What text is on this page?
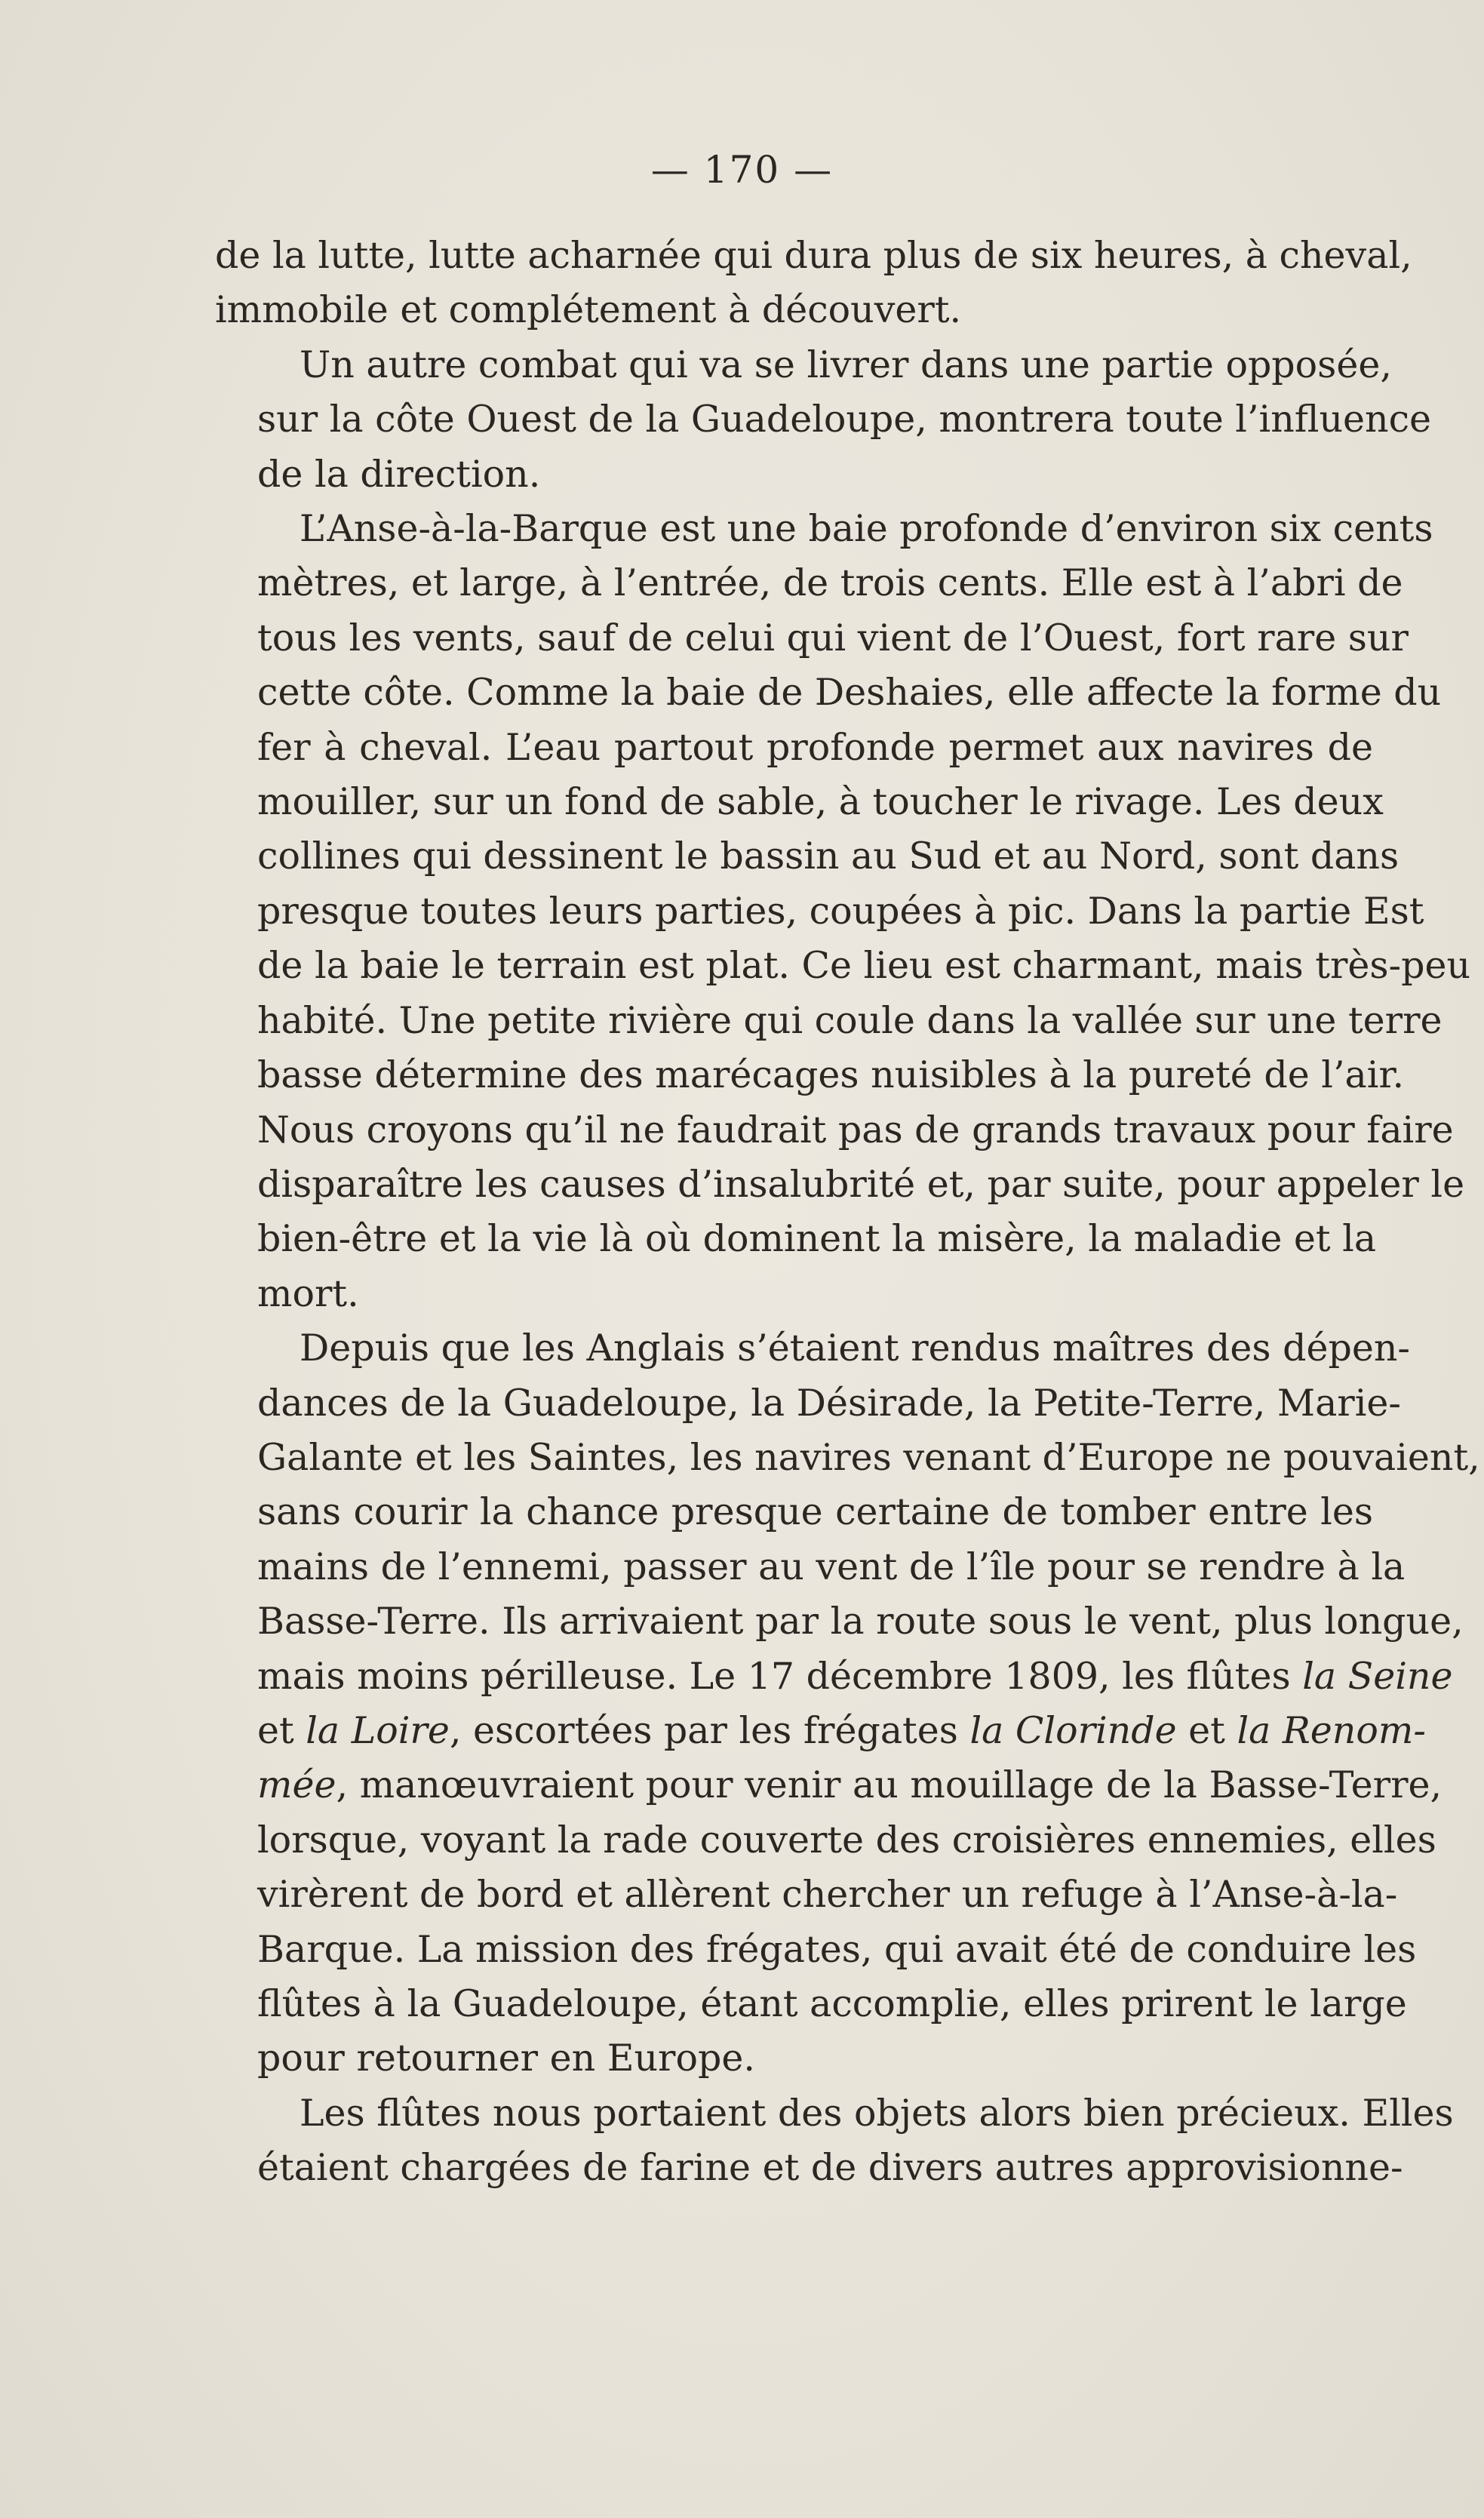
— 170 —
de la lutte, lutte acharnée qui dura plus de six heures, à cheval,
immobile et complétement à découvert.
Un autre combat qui va se livrer dans une partie opposée,
sur la côte Ouest de la Guadeloupe, montrera toute l’influence
de la direction.
L’Anse-à-la-Barque est une baie profonde d’environ six cents
mètres, et large, à l’entrée, de trois cents. Elle est à l’abri de
tous les vents, sauf de celui qui vient de l’Ouest, fort rare sur
cette côte. Comme la baie de Deshaies, elle affecte la forme du
fer à cheval. L’eau partout profonde permet aux navires de
mouiller, sur un fond de sable, à toucher le rivage. Les deux
collines qui dessinent le bassin au Sud et au Nord, sont dans
presque toutes leurs parties, coupées à pic. Dans la partie Est
de la baie le terrain est plat. Ce lieu est charmant, mais très-peu
habité. Une petite rivière qui coule dans la vallée sur une terre
basse détermine des marécages nuisibles à la pureté de l’air.
Nous croyons qu’il ne faudrait pas de grands travaux pour faire
disparaître les causes d’insalubrité et, par suite, pour appeler le
bien-être et la vie là où dominent la misère, la maladie et la
mort.
Depuis que les Anglais s’étaient rendus maîtres des dépen-
dances de la Guadeloupe, la Désirade, la Petite-Terre, Marie-
Galante et les Saintes, les navires venant d’Europe ne pouvaient,
sans courir la chance presque certaine de tomber entre les
mains de l’ennemi, passer au vent de l’île pour se rendre à la
Basse-Terre. Ils arrivaient par la route sous le vent, plus longue,
mais moins périlleuse. Le 17 décembre 1809, les flûtes la Seine
et la Loire, escortées par les frégates la Clorinde et la Renom-
mée, manœuvraient pour venir au mouillage de la Basse-Terre,
lorsque, voyant la rade couverte des croisières ennemies, elles
virèrent de bord et allèrent chercher un refuge à l’Anse-à-la-
Barque. La mission des frégates, qui avait été de conduire les
flûtes à la Guadeloupe, étant accomplie, elles prirent le large
pour retourner en Europe.
Les flûtes nous portaient des objets alors bien précieux. Elles
étaient chargées de farine et de divers autres approvisionne-
